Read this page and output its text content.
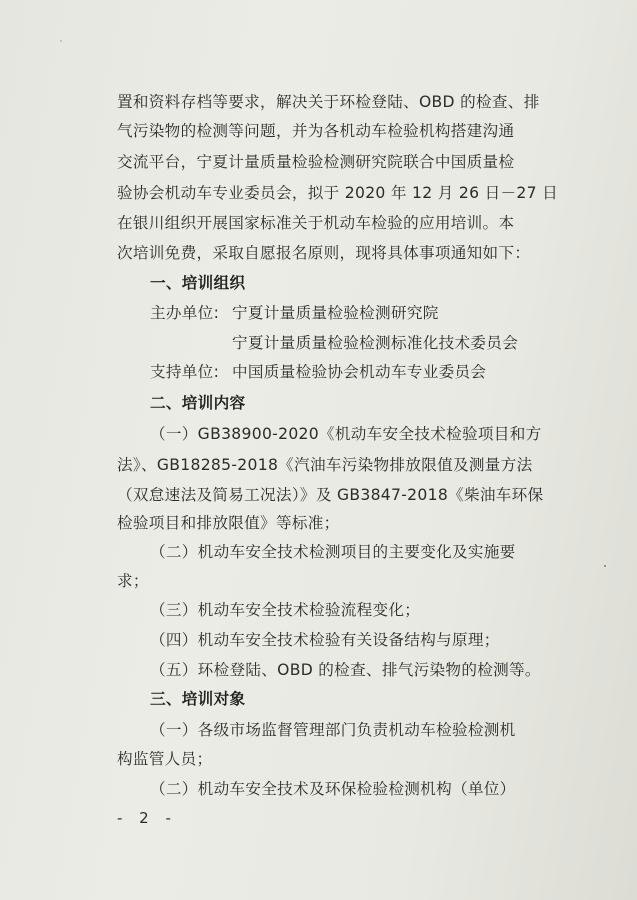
置和资料存档等要求，解决关于环检登陆、OBD 的检查、排
气污染物的检测等问题，并为各机动车检验机构搭建沟通
交流平台，宁夏计量质量检验检测研究院联合中国质量检
验协会机动车专业委员会，拟于 2020 年 12 月 26 日－27 日
在银川组织开展国家标准关于机动车检验的应用培训。本
次培训免费，采取自愿报名原则，现将具体事项通知如下：
一、培训组织
主办单位: 宁夏计量质量检验检测研究院
宁夏计量质量检验检测标准化技术委员会
支持单位: 中国质量检验协会机动车专业委员会
二、培训内容
（一）GB38900-2020《机动车安全技术检验项目和方
法》、GB18285-2018《汽油车污染物排放限值及测量方法
（双怠速法及简易工况法）》及 GB3847-2018《柴油车环保
检验项目和排放限值》等标准；
（二）机动车安全技术检测项目的主要变化及实施要
求；
（三）机动车安全技术检验流程变化；
（四）机动车安全技术检验有关设备结构与原理；
（五）环检登陆、OBD 的检查、排气污染物的检测等。
三、培训对象
（一）各级市场监督管理部门负责机动车检验检测机
构监管人员；
（二）机动车安全技术及环保检验检测机构（单位）
- 2 -
